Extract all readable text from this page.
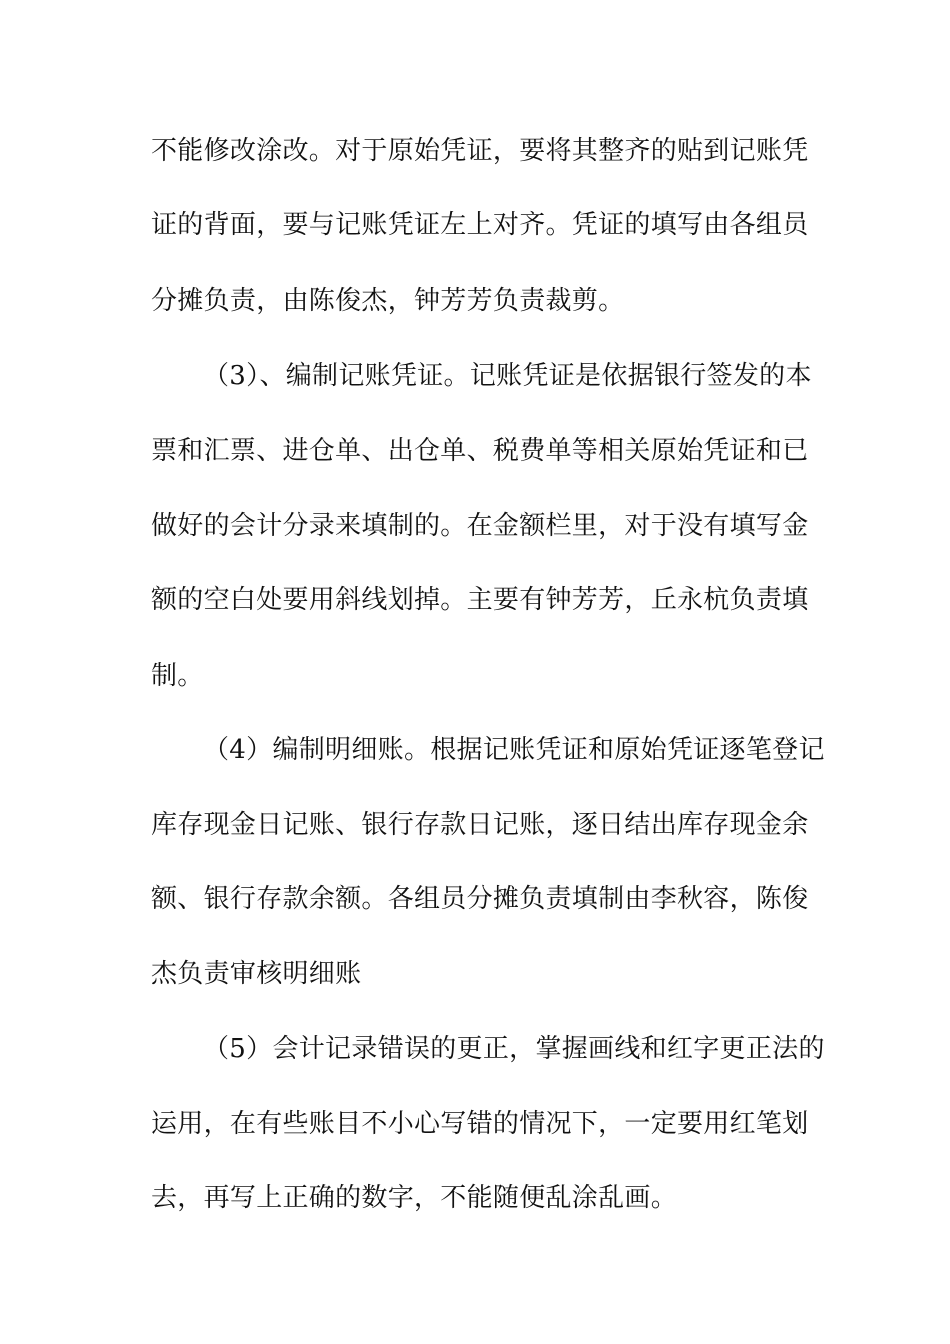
不能修改涂改。对于原始凭证，要将其整齐的贴到记账凭
证的背面，要与记账凭证左上对齐。凭证的填写由各组员
分摊负责，由陈俊杰，钟芳芳负责裁剪。
（3）、编制记账凭证。记账凭证是依据银行签发的本
票和汇票、进仓单、出仓单、税费单等相关原始凭证和已
做好的会计分录来填制的。在金额栏里，对于没有填写金
额的空白处要用斜线划掉。主要有钟芳芳，丘永杭负责填
制。
（4）编制明细账。根据记账凭证和原始凭证逐笔登记
库存现金日记账、银行存款日记账，逐日结出库存现金余
额、银行存款余额。各组员分摊负责填制由李秋容，陈俊
杰负责审核明细账
（5）会计记录错误的更正，掌握画线和红字更正法的
运用，在有些账目不小心写错的情况下，一定要用红笔划
去，再写上正确的数字，不能随便乱涂乱画。
